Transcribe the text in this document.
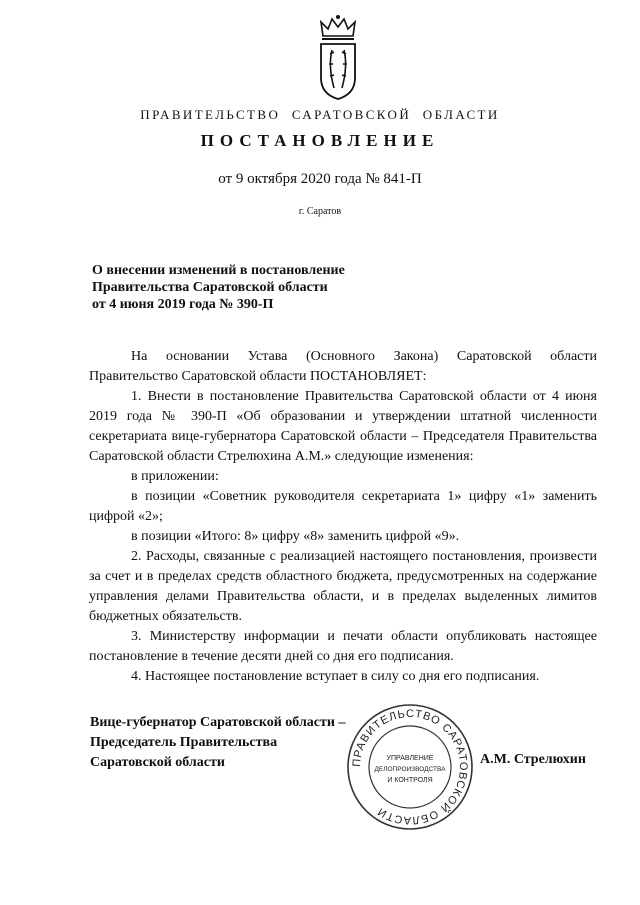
ПРАВИТЕЛЬСТВО САРАТОВСКОЙ ОБЛАСТИ
ПОСТАНОВЛЕНИЕ
от 9 октября 2020 года № 841-П
г. Саратов
О внесении изменений в постановление
Правительства Саратовской области
от 4 июня 2019 года № 390-П

На основании Устава (Основного Закона) Саратовской области Правительство Саратовской области ПОСТАНОВЛЯЕТ:

1. Внести в постановление Правительства Саратовской области от 4 июня 2019 года № 390-П «Об образовании и утверждении штатной численности секретариата вице-губернатора Саратовской области – Председателя Правительства Саратовской области Стрелюхина А.М.» следующие изменения:

в приложении:

в позиции «Советник руководителя секретариата 1» цифру «1» заменить цифрой «2»;

в позиции «Итого: 8» цифру «8» заменить цифрой «9».

2. Расходы, связанные с реализацией настоящего постановления, произвести за счет и в пределах средств областного бюджета, предусмотренных на содержание управления делами Правительства области, и в пределах выделенных лимитов бюджетных обязательств.

3. Министерству информации и печати области опубликовать настоящее постановление в течение десяти дней со дня его подписания.

4. Настоящее постановление вступает в силу со дня его подписания.

Вице-губернатор Саратовской области –
Председатель Правительства
Саратовской области	ПРАВИТЕЛЬСТВО САРАТОВСКОЙ ОБЛАСТИ
УПРАВЛЕНИЕ
ДЕЛОПРОИЗВОДСТВА
И КОНТРОЛЯ
А.М. Стрелюхин
